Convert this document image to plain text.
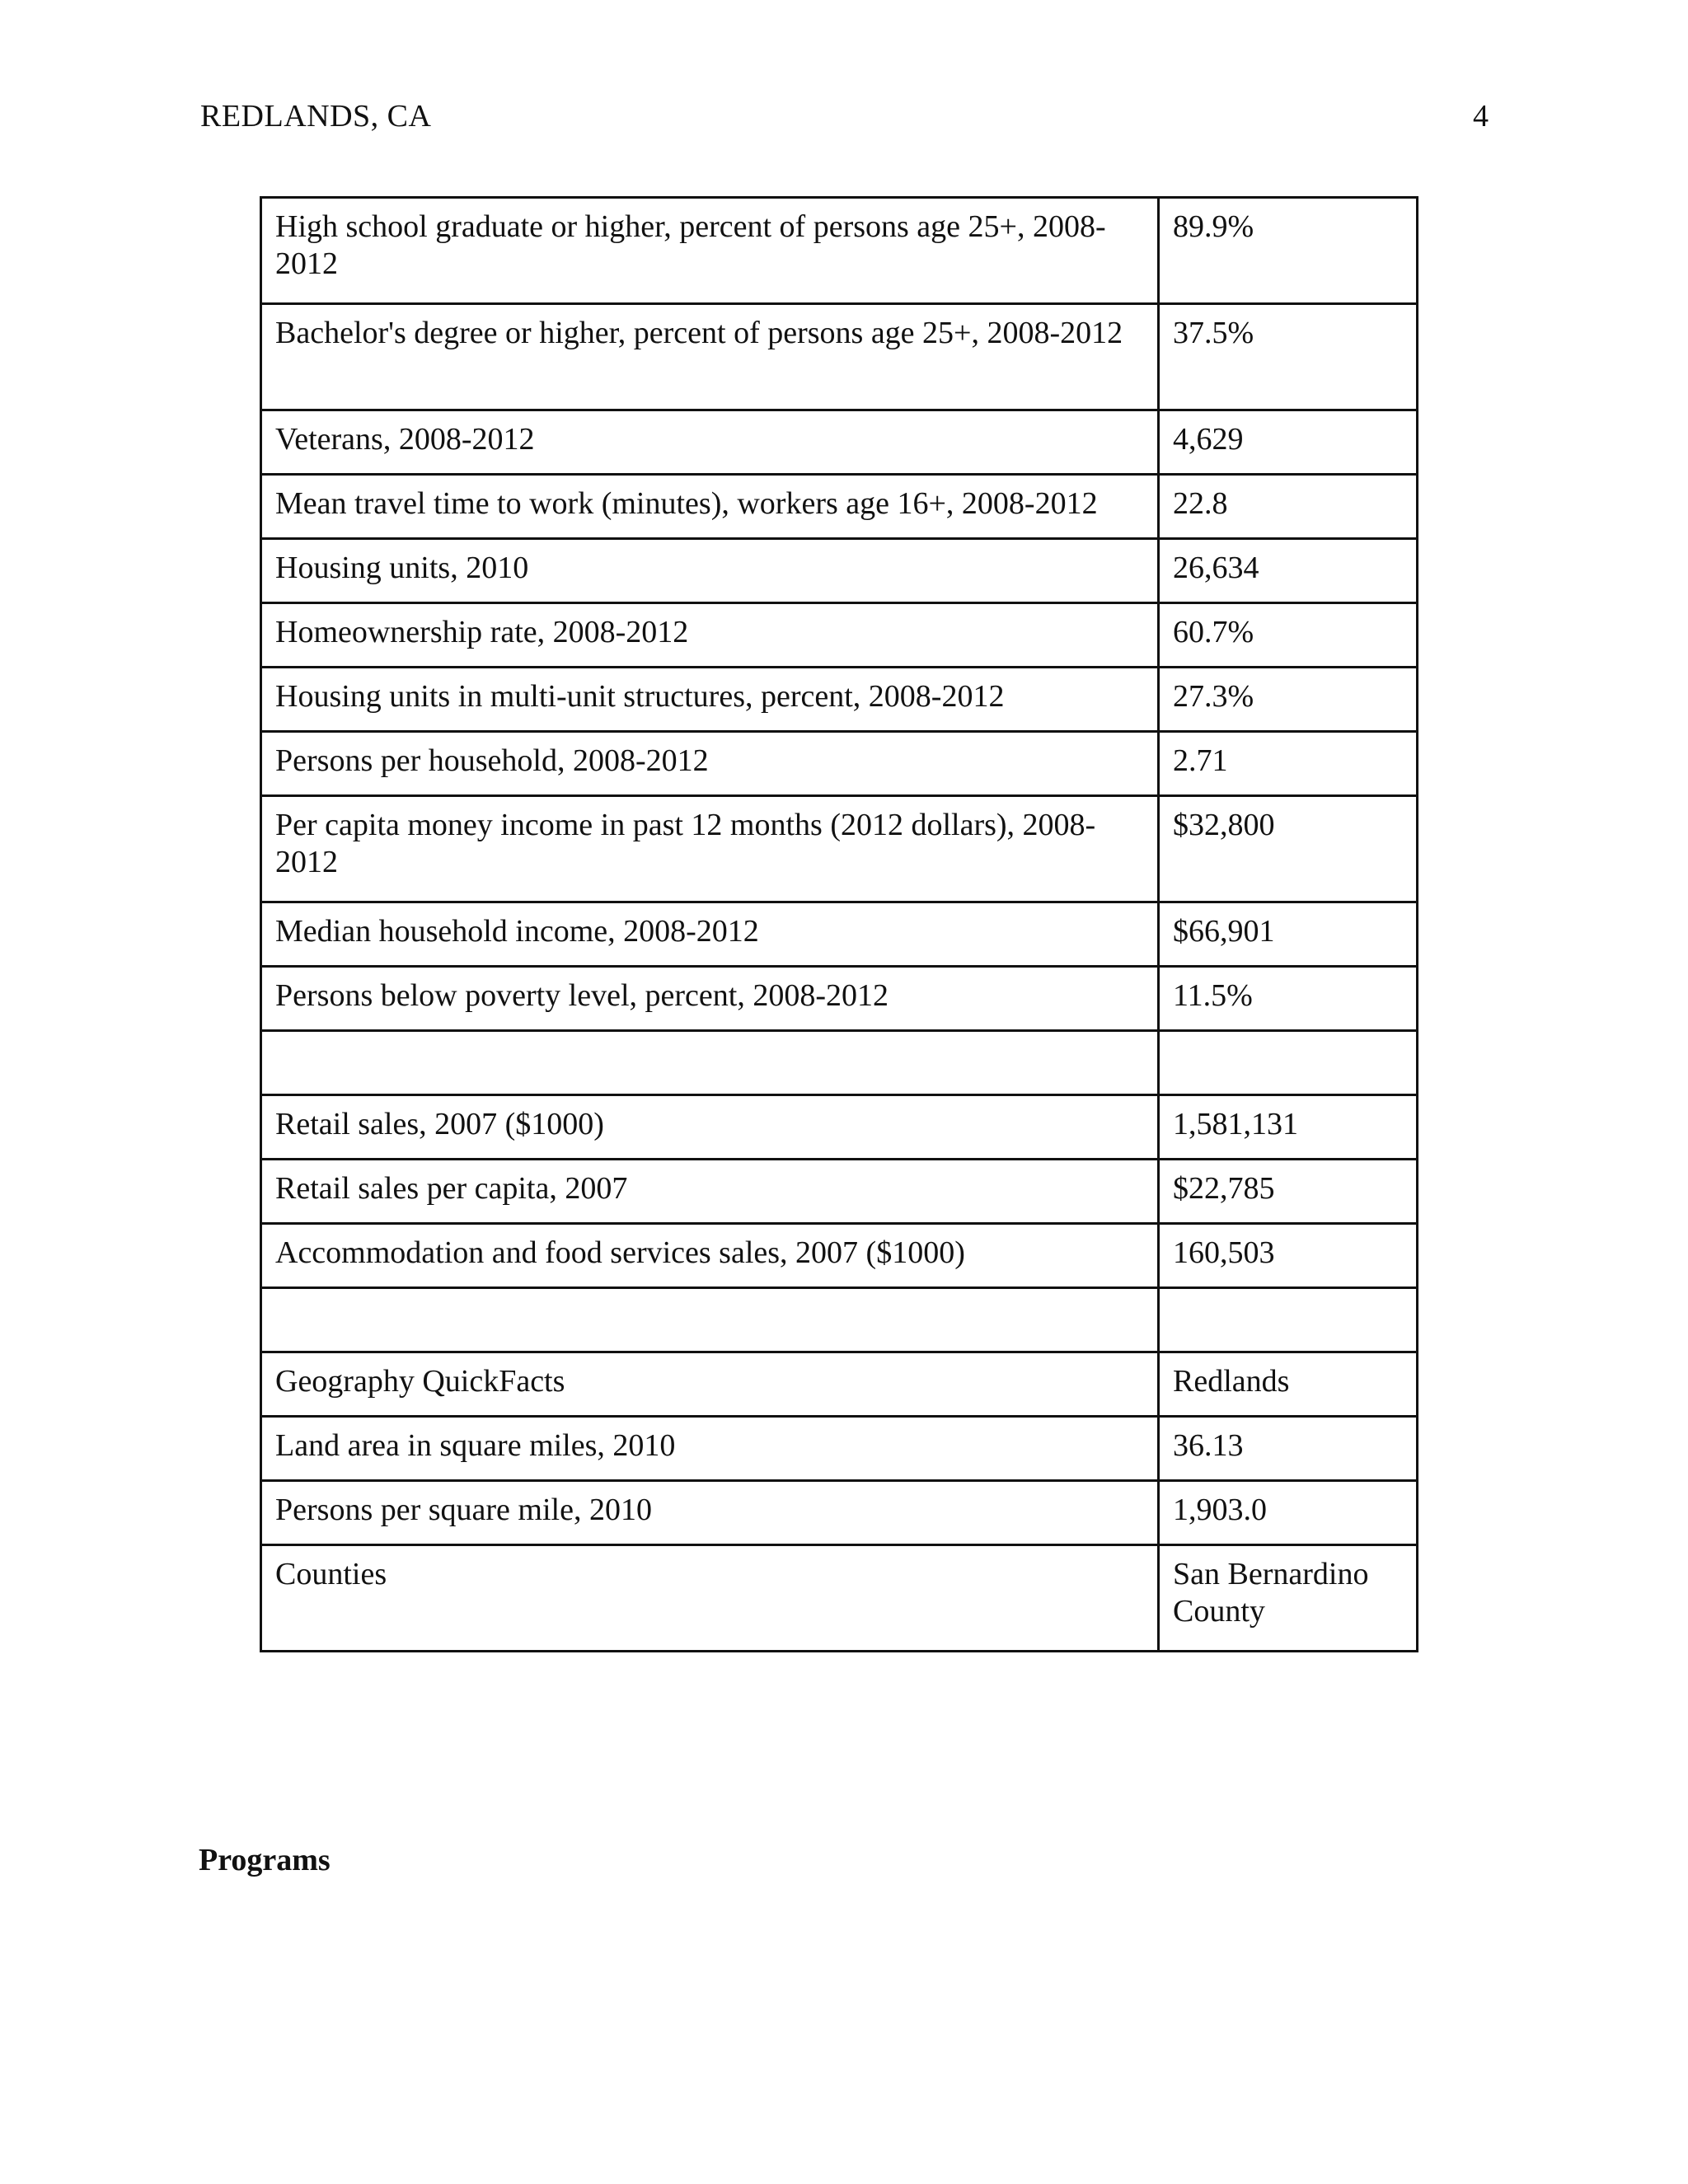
REDLANDS, CA	4
High school graduate or higher, percent of persons age 25+, 2008-2012	89.9%
Bachelor's degree or higher, percent of persons age 25+, 2008-2012	37.5%
Veterans, 2008-2012	4,629
Mean travel time to work (minutes), workers age 16+, 2008-2012	22.8
Housing units, 2010	26,634
Homeownership rate, 2008-2012	60.7%
Housing units in multi-unit structures, percent, 2008-2012	27.3%
Persons per household, 2008-2012	2.71
Per capita money income in past 12 months (2012 dollars), 2008-2012	$32,800
Median household income, 2008-2012	$66,901
Persons below poverty level, percent, 2008-2012	11.5%

Retail sales, 2007 ($1000)	1,581,131
Retail sales per capita, 2007	$22,785
Accommodation and food services sales, 2007 ($1000)	160,503

Geography QuickFacts	Redlands
Land area in square miles, 2010	36.13
Persons per square mile, 2010	1,903.0
Counties	San Bernardino County
Programs
